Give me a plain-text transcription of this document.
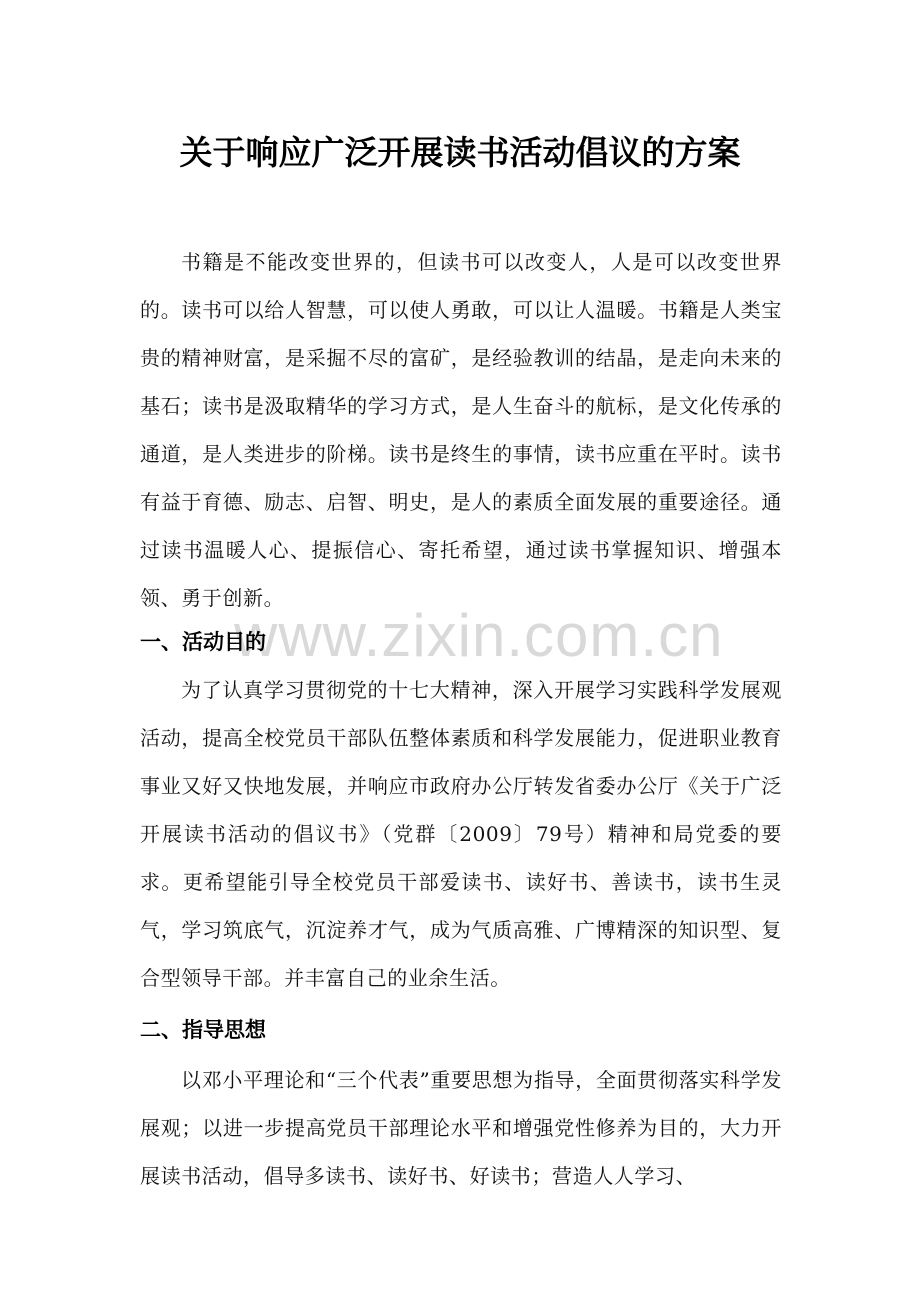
关于响应广泛开展读书活动倡议的方案

书籍是不能改变世界的，但读书可以改变人，人是可以改变世界的。读书可以给人智慧，可以使人勇敢，可以让人温暖。书籍是人类宝贵的精神财富，是采掘不尽的富矿，是经验教训的结晶，是走向未来的基石；读书是汲取精华的学习方式，是人生奋斗的航标，是文化传承的通道，是人类进步的阶梯。读书是终生的事情，读书应重在平时。读书有益于育德、励志、启智、明史，是人的素质全面发展的重要途径。通过读书温暖人心、提振信心、寄托希望，通过读书掌握知识、增强本领、勇于创新。

www.zixin.com.cn
一、活动目的

为了认真学习贯彻党的十七大精神，深入开展学习实践科学发展观活动，提高全校党员干部队伍整体素质和科学发展能力，促进职业教育事业又好又快地发展，并响应市政府办公厅转发省委办公厅《关于广泛开展读书活动的倡议书》（党群〔2009〕79号）精神和局党委的要求。更希望能引导全校党员干部爱读书、读好书、善读书，读书生灵气，学习筑底气，沉淀养才气，成为气质高雅、广博精深的知识型、复合型领导干部。并丰富自己的业余生活。

二、指导思想

以邓小平理论和“三个代表”重要思想为指导，全面贯彻落实科学发展观；以进一步提高党员干部理论水平和增强党性修养为目的，大力开展读书活动，倡导多读书、读好书、好读书；营造人人学习、
